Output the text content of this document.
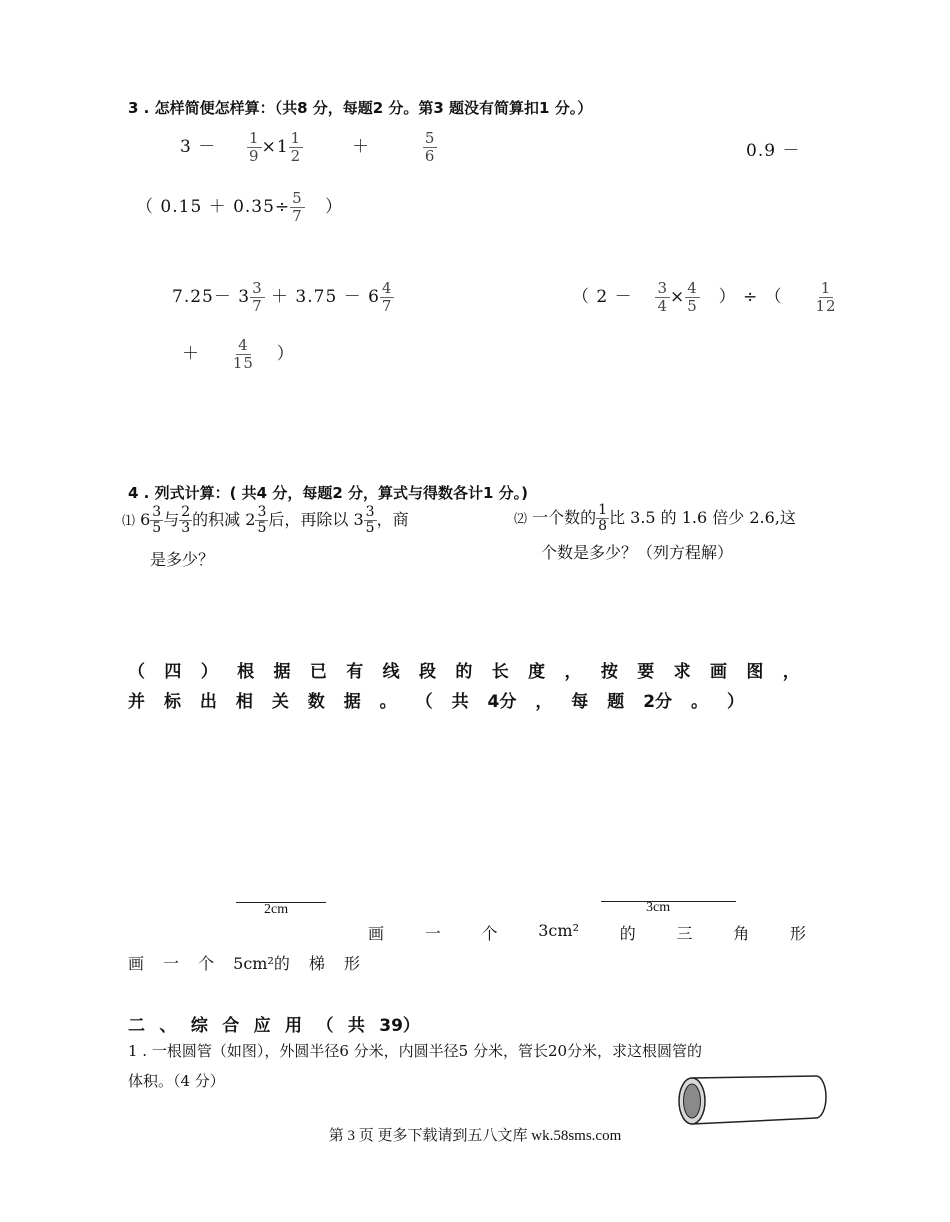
3 . 怎样简便怎样算：（共8 分，每题2 分。第3 题没有简算扣1 分。）
$3 - \frac{1}{9} \times 1 \frac{1}{2}$	＋	$\frac{5}{6}$	0.9 －
（ $0.15 + 0.35\div \frac{5}{7}$ ）
$7.25- 3 \frac{3}{7} + 3.75 - 6 \frac{4}{7}$	（ $2 - \frac{3}{4} \times \frac{4}{5}$ ） ÷ （ $\frac{1}{12}$
＋ $\frac{4}{15}$ ）
4 . 列式计算：( 共4 分，每题2 分，算式与得数各计1 分。)
⑴ $6 \frac{3}{5}$ 与 $\frac{2}{3}$ 的积减 $2 \frac{3}{5}$ 后，再除以 $3 \frac{3}{5}$ ，商
是多少？
⑵ 一个数的 $\frac{1}{8}$ 比 3.5 的 1.6 倍少 2.6,这
个数是多少？（列方程解）
（ 四 ） 根 据 已 有 线 段 的 长 度 ， 按 要 求 画 图 ，
并 标 出 相 关 数 据 。 （ 共 4分 ， 每 题 2分 。 ）
2cm	3cm
画	一	个	3cm²	的	三	角	形
画 一 个 5cm²的 梯 形
二 、 综 合 应 用 （ 共 39）
1 . 一根圆管（如图），外圆半径6 分米，内圆半径5 分米，管长20分米，求这根圆管的
体积。（4 分）
第 3 页 更多下载请到五八文库 wk.58sms.com
